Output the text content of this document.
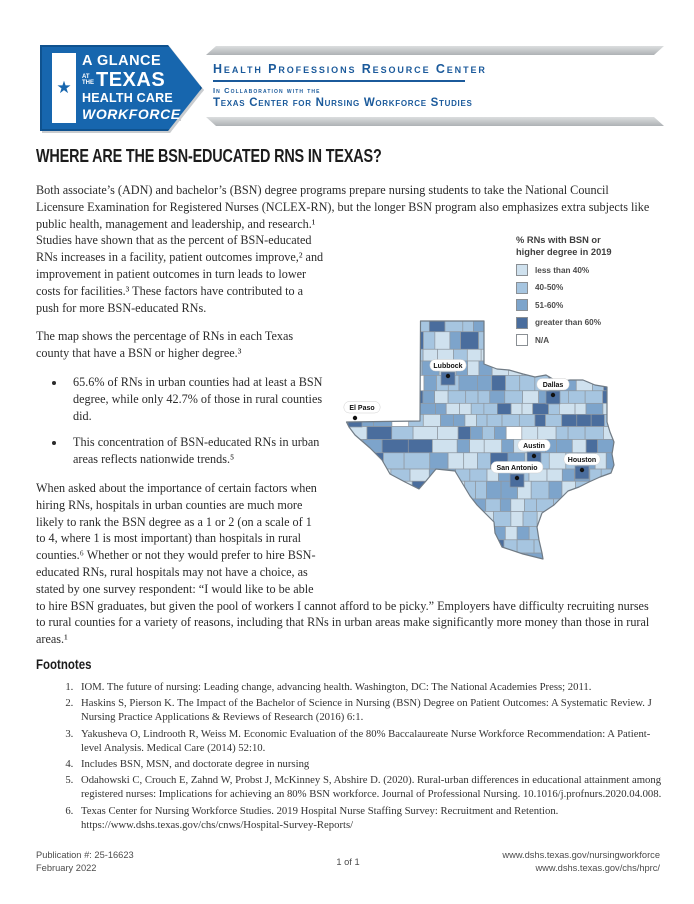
★
A GLANCE
AT
THE TEXAS
HEALTH CARE
WORKFORCE
Health Professions Resource Center
In Collaboration with the
Texas Center for Nursing Workforce Studies
WHERE ARE THE BSN-EDUCATED RNS IN TEXAS?
% RNs with BSN or higher degree in 2019
less than 40%
40-50%
51-60%
greater than 60%
N/A
Lubbock
Dallas
El Paso
Austin
San Antonio
Houston

Both associate’s (ADN) and bachelor’s (BSN) degree programs prepare nursing students to take the National Council Licensure Examination for Registered Nurses (NCLEX-RN), but the longer BSN program also emphasizes extra subjects like public health, management and leadership, and research.¹ Studies have shown that as the percent of BSN-educated RNs increases in a facility, patient outcomes improve,² and improvement in patient outcomes in turn leads to lower costs for facilities.³ These factors have contributed to a push for more BSN-educated RNs.

The map shows the percentage of RNs in each Texas county that have a BSN or higher degree.³

• 65.6% of RNs in urban counties had at least a BSN degree, while only 42.7% of those in rural counties did.
• This concentration of BSN-educated RNs in urban areas reflects nationwide trends.⁵

When asked about the importance of certain factors when hiring RNs, hospitals in urban counties are much more likely to rank the BSN degree as a 1 or 2 (on a scale of 1 to 4, where 1 is most important) than hospitals in rural counties.⁶ Whether or not they would prefer to hire BSN-educated RNs, rural hospitals may not have a choice, as stated by one survey respondent: “I would like to be able to hire BSN graduates, but given the pool of workers I cannot afford to be picky.” Employers have difficulty recruiting nurses to rural counties for a variety of reasons, including that RNs in urban areas make significantly more money than those in rural areas.¹

Footnotes
1. IOM. The future of nursing: Leading change, advancing health. Washington, DC: The National Academies Press; 2011.
2. Haskins S, Pierson K. The Impact of the Bachelor of Science in Nursing (BSN) Degree on Patient Outcomes: A Systematic Review. J Nursing Practice Applications & Reviews of Research (2016) 6:1.
3. Yakusheva O, Lindrooth R, Weiss M. Economic Evaluation of the 80% Baccalaureate Nurse Workforce Recommendation: A Patient-level Analysis. Medical Care (2014) 52:10.
4. Includes BSN, MSN, and doctorate degree in nursing
5. Odahowski C, Crouch E, Zahnd W, Probst J, McKinney S, Abshire D. (2020). Rural-urban differences in educational attainment among registered nurses: Implications for achieving an 80% BSN workforce. Journal of Professional Nursing. 10.1016/j.profnurs.2020.04.008.
6. Texas Center for Nursing Workforce Studies. 2019 Hospital Nurse Staffing Survey: Recruitment and Retention. https://www.dshs.texas.gov/chs/cnws/Hospital-Survey-Reports/
Publication #: 25-16623
February 2022
1 of 1
www.dshs.texas.gov/nursingworkforce
www.dshs.texas.gov/chs/hprc/
